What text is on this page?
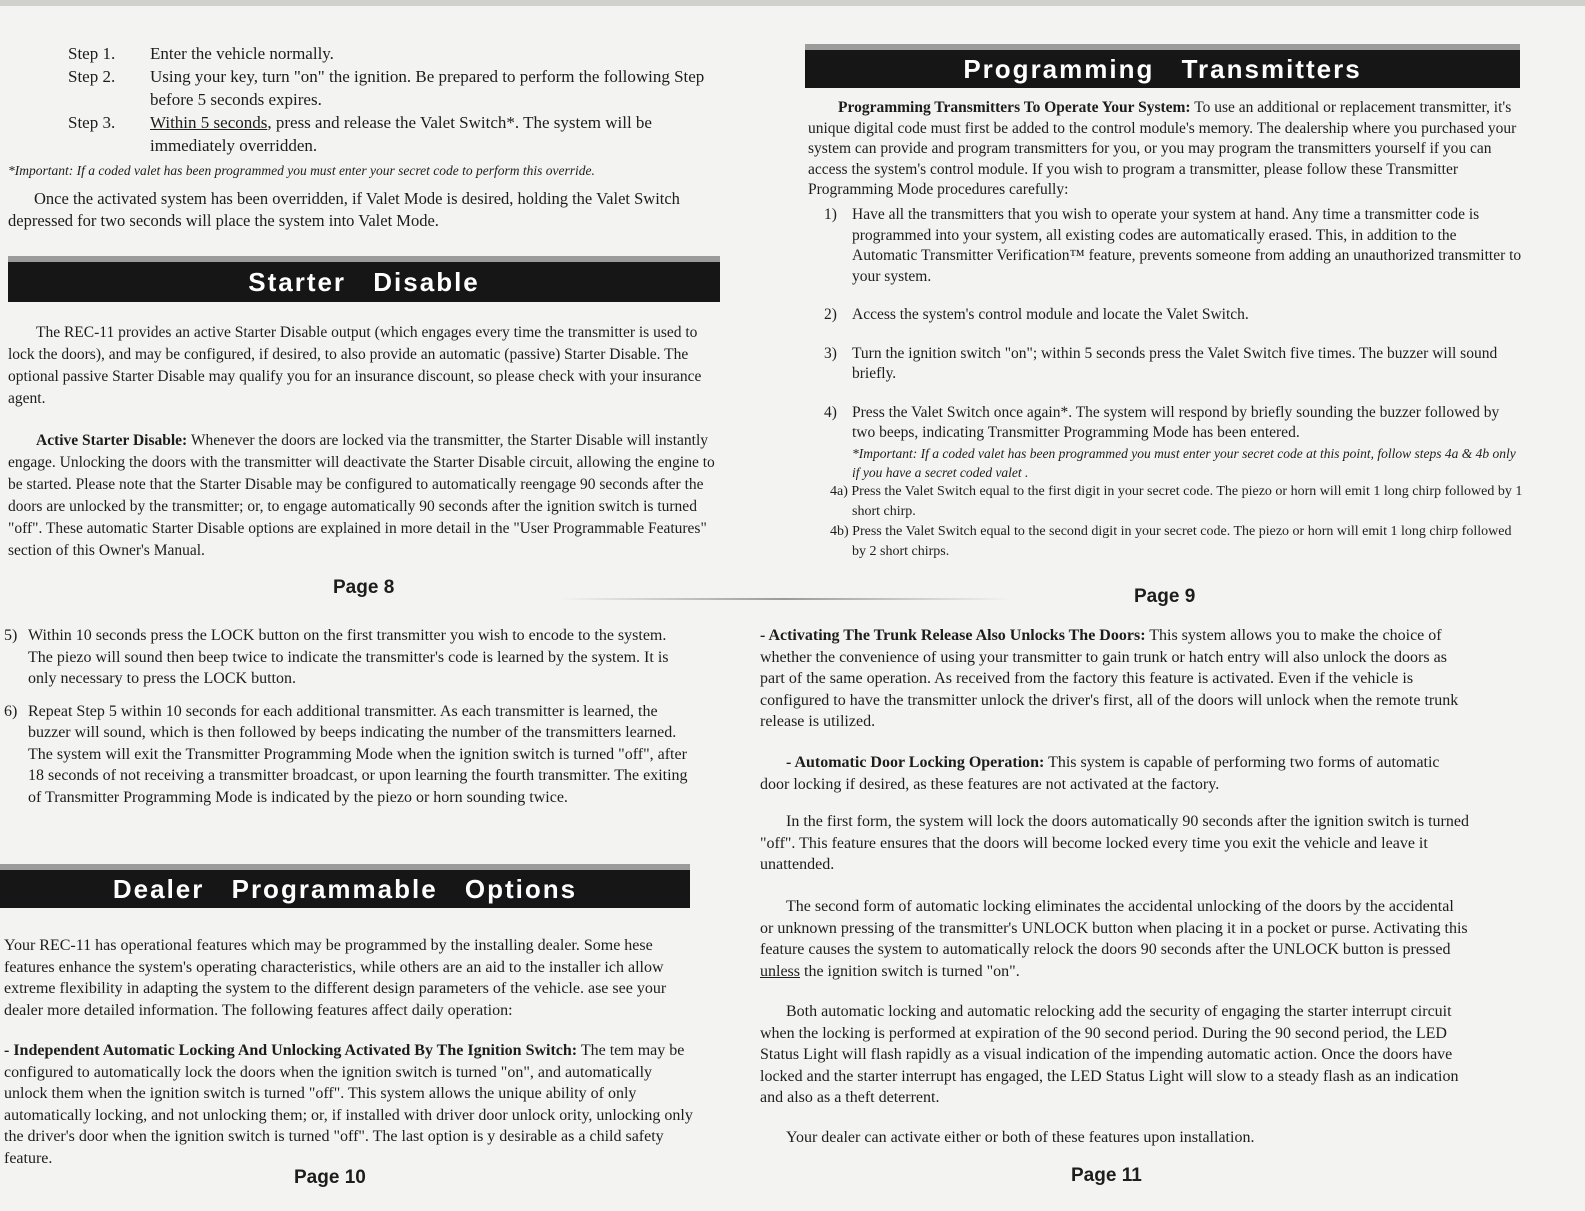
Step 1.	Enter the vehicle normally.
Step 2.	Using your key, turn "on" the ignition. Be prepared to perform the following Step before 5 seconds expires.
Step 3.	Within 5 seconds, press and release the Valet Switch*. The system will be immediately overridden.

*Important: If a coded valet has been programmed you must enter your secret code to perform this override.

Once the activated system has been overridden, if Valet Mode is desired, holding the Valet Switch depressed for two seconds will place the system into Valet Mode.

Starter Disable

The REC-11 provides an active Starter Disable output (which engages every time the transmitter is used to lock the doors), and may be configured, if desired, to also provide an automatic (passive) Starter Disable. The optional passive Starter Disable may qualify you for an insurance discount, so please check with your insurance agent.

Active Starter Disable: Whenever the doors are locked via the transmitter, the Starter Disable will instantly engage. Unlocking the doors with the transmitter will deactivate the Starter Disable circuit, allowing the engine to be started. Please note that the Starter Disable may be configured to automatically reengage 90 seconds after the doors are unlocked by the transmitter; or, to engage automatically 90 seconds after the ignition switch is turned "off". These automatic Starter Disable options are explained in more detail in the "User Programmable Features" section of this Owner's Manual.

Page 8
Programming Transmitters

Programming Transmitters To Operate Your System: To use an additional or replacement transmitter, it's unique digital code must first be added to the control module's memory. The dealership where you purchased your system can provide and program transmitters for you, or you may program the transmitters yourself if you can access the system's control module. If you wish to program a transmitter, please follow these Transmitter Programming Mode procedures carefully:

1) Have all the transmitters that you wish to operate your system at hand. Any time a transmitter code is programmed into your system, all existing codes are automatically erased. This, in addition to the Automatic Transmitter Verification™ feature, prevents someone from adding an unauthorized transmitter to your system.
2) Access the system's control module and locate the Valet Switch.
3) Turn the ignition switch "on"; within 5 seconds press the Valet Switch five times. The buzzer will sound briefly.
4) Press the Valet Switch once again*. The system will respond by briefly sounding the buzzer followed by two beeps, indicating Transmitter Programming Mode has been entered.

*Important: If a coded valet has been programmed you must enter your secret code at this point, follow steps 4a & 4b only if you have a secret coded valet .

4a) Press the Valet Switch equal to the first digit in your secret code. The piezo or horn will emit 1 long chirp followed by 1 short chirp.

4b) Press the Valet Switch equal to the second digit in your secret code. The piezo or horn will emit 1 long chirp followed by 2 short chirps.

Page 9
5) Within 10 seconds press the LOCK button on the first transmitter you wish to encode to the system. The piezo will sound then beep twice to indicate the transmitter's code is learned by the system. It is only necessary to press the LOCK button.
6) Repeat Step 5 within 10 seconds for each additional transmitter. As each transmitter is learned, the buzzer will sound, which is then followed by beeps indicating the number of the transmitters learned. The system will exit the Transmitter Programming Mode when the ignition switch is turned "off", after 18 seconds of not receiving a transmitter broadcast, or upon learning the fourth transmitter. The exiting of Transmitter Programming Mode is indicated by the piezo or horn sounding twice.
Dealer Programmable Options

Your REC-11 has operational features which may be programmed by the installing dealer. Some hese features enhance the system's operating characteristics, while others are an aid to the installer ich allow extreme flexibility in adapting the system to the different design parameters of the vehicle. ase see your dealer more detailed information. The following features affect daily operation:

- Independent Automatic Locking And Unlocking Activated By The Ignition Switch: The tem may be configured to automatically lock the doors when the ignition switch is turned "on", and automatically unlock them when the ignition switch is turned "off". This system allows the unique ability of only automatically locking, and not unlocking them; or, if installed with driver door unlock ority, unlocking only the driver's door when the ignition switch is turned "off". The last option is y desirable as a child safety feature.

Page 10

- Activating The Trunk Release Also Unlocks The Doors: This system allows you to make the choice of whether the convenience of using your transmitter to gain trunk or hatch entry will also unlock the doors as part of the same operation. As received from the factory this feature is activated. Even if the vehicle is configured to have the transmitter unlock the driver's first, all of the doors will unlock when the remote trunk release is utilized.

- Automatic Door Locking Operation: This system is capable of performing two forms of automatic door locking if desired, as these features are not activated at the factory.

In the first form, the system will lock the doors automatically 90 seconds after the ignition switch is turned "off". This feature ensures that the doors will become locked every time you exit the vehicle and leave it unattended.

The second form of automatic locking eliminates the accidental unlocking of the doors by the accidental or unknown pressing of the transmitter's UNLOCK button when placing it in a pocket or purse. Activating this feature causes the system to automatically relock the doors 90 seconds after the UNLOCK button is pressed unless the ignition switch is turned "on".

Both automatic locking and automatic relocking add the security of engaging the starter interrupt circuit when the locking is performed at expiration of the 90 second period. During the 90 second period, the LED Status Light will flash rapidly as a visual indication of the impending automatic action. Once the doors have locked and the starter interrupt has engaged, the LED Status Light will slow to a steady flash as an indication and also as a theft deterrent.

Your dealer can activate either or both of these features upon installation.

Page 11
